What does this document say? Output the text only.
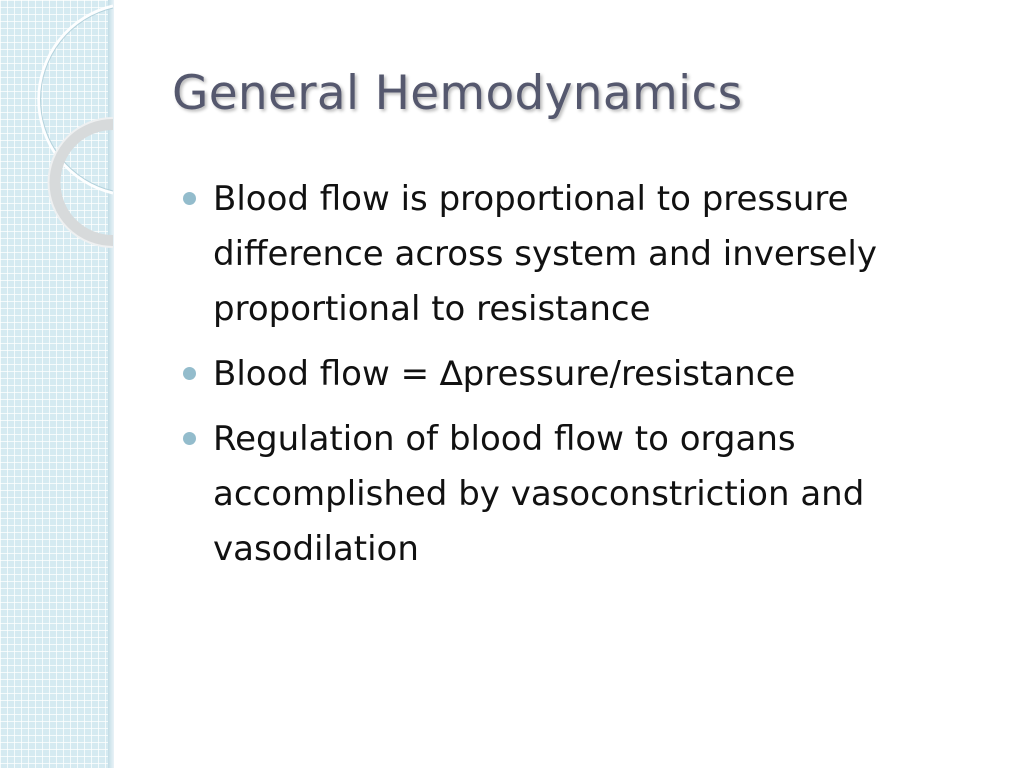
General Hemodynamics
Blood flow is proportional to pressure difference across system and inversely proportional to resistance
Blood flow = ∆pressure/resistance
Regulation of blood flow to organs accomplished by vasoconstriction and vasodilation
